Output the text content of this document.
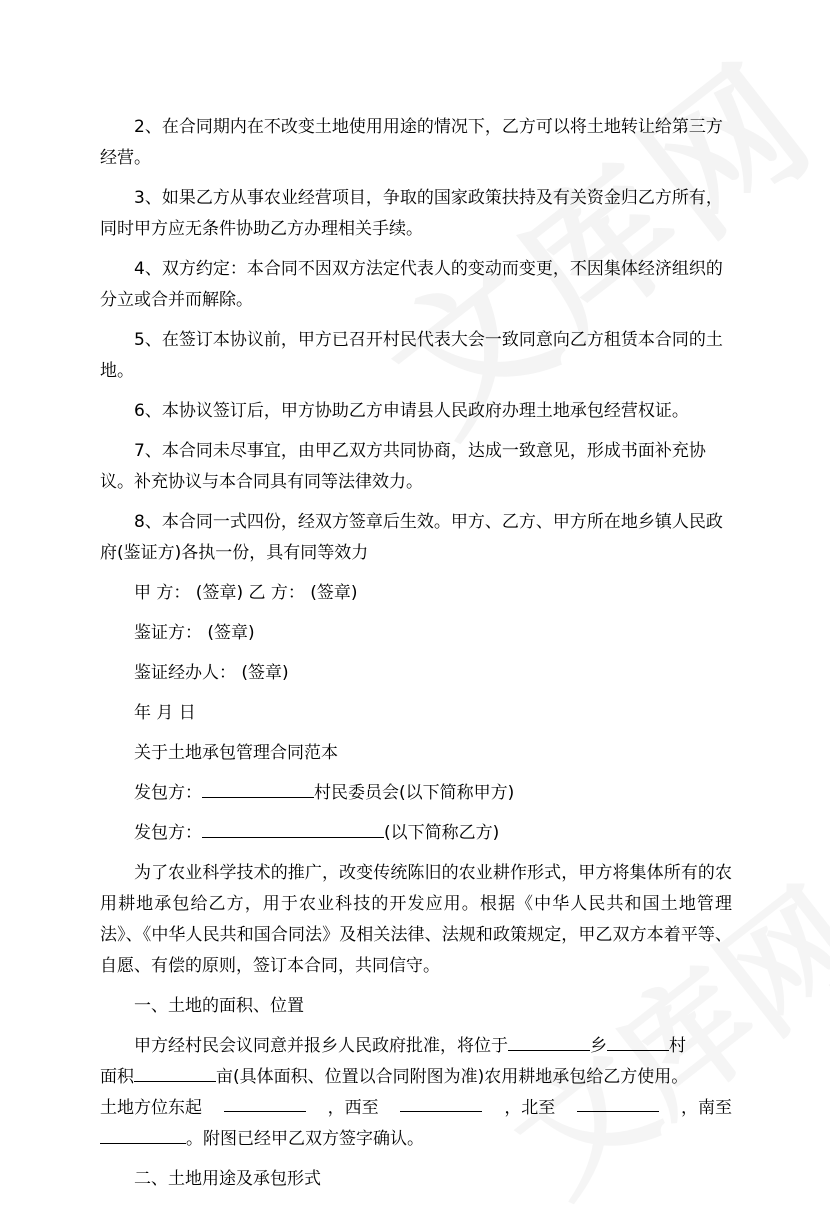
2、在合同期内在不改变土地使用用途的情况下，乙方可以将土地转让给第三方经营。

3、如果乙方从事农业经营项目，争取的国家政策扶持及有关资金归乙方所有，同时甲方应无条件协助乙方办理相关手续。

4、双方约定：本合同不因双方法定代表人的变动而变更，不因集体经济组织的分立或合并而解除。

5、在签订本协议前，甲方已召开村民代表大会一致同意向乙方租赁本合同的土地。

6、本协议签订后，甲方协助乙方申请县人民政府办理土地承包经营权证。

7、本合同未尽事宜，由甲乙双方共同协商，达成一致意见，形成书面补充协议。补充协议与本合同具有同等法律效力。

8、本合同一式四份，经双方签章后生效。甲方、乙方、甲方所在地乡镇人民政府(鉴证方)各执一份，具有同等效力

甲 方： (签章) 乙 方： (签章)

鉴证方： (签章)

鉴证经办人： (签章)

年 月 日

关于土地承包管理合同范本

发包方：	村民委员会(以下简称甲方)

发包方：	(以下简称乙方)

为了农业科学技术的推广，改变传统陈旧的农业耕作形式，甲方将集体所有的农用耕地承包给乙方，用于农业科技的开发应用。根据《中华人民共和国土地管理法》、《中华人民共和国合同法》及相关法律、法规和政策规定，甲乙双方本着平等、自愿、有偿的原则，签订本合同，共同信守。

一、土地的面积、位置

甲方经村民会议同意并报乡人民政府批准，将位于	乡	村

面积	亩(具体面积、位置以合同附图为准)农用耕地承包给乙方使用。

土地方位东起	，西至	，北至	，南至

。附图已经甲乙双方签字确认。

二、土地用途及承包形式
